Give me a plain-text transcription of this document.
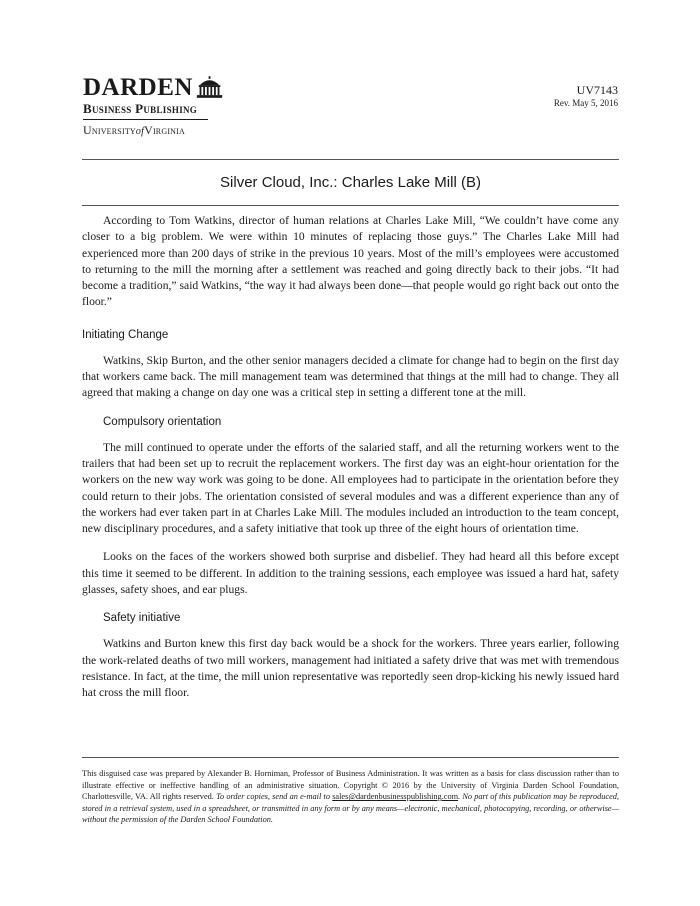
DARDEN
Business Publishing
UniversityofVirginia
UV7143
Rev. May 5, 2016
Silver Cloud, Inc.: Charles Lake Mill (B)

According to Tom Watkins, director of human relations at Charles Lake Mill, “We couldn’t have come any closer to a big problem. We were within 10 minutes of replacing those guys.” The Charles Lake Mill had experienced more than 200 days of strike in the previous 10 years. Most of the mill’s employees were accustomed to returning to the mill the morning after a settlement was reached and going directly back to their jobs. “It had become a tradition,” said Watkins, “the way it had always been done—that people would go right back out onto the floor.”

Initiating Change

Watkins, Skip Burton, and the other senior managers decided a climate for change had to begin on the first day that workers came back. The mill management team was determined that things at the mill had to change. They all agreed that making a change on day one was a critical step in setting a different tone at the mill.

Compulsory orientation

The mill continued to operate under the efforts of the salaried staff, and all the returning workers went to the trailers that had been set up to recruit the replacement workers. The first day was an eight-hour orientation for the workers on the new way work was going to be done. All employees had to participate in the orientation before they could return to their jobs. The orientation consisted of several modules and was a different experience than any of the workers had ever taken part in at Charles Lake Mill. The modules included an introduction to the team concept, new disciplinary procedures, and a safety initiative that took up three of the eight hours of orientation time.

Looks on the faces of the workers showed both surprise and disbelief. They had heard all this before except this time it seemed to be different. In addition to the training sessions, each employee was issued a hard hat, safety glasses, safety shoes, and ear plugs.

Safety initiative

Watkins and Burton knew this first day back would be a shock for the workers. Three years earlier, following the work-related deaths of two mill workers, management had initiated a safety drive that was met with tremendous resistance. In fact, at the time, the mill union representative was reportedly seen drop-kicking his newly issued hard hat cross the mill floor.

This disguised case was prepared by Alexander B. Horniman, Professor of Business Administration. It was written as a basis for class discussion rather than to illustrate effective or ineffective handling of an administrative situation. Copyright © 2016 by the University of Virginia Darden School Foundation, Charlottesville, VA. All rights reserved. To order copies, send an e-mail to sales@dardenbusinesspublishing.com. No part of this publication may be reproduced, stored in a retrieval system, used in a spreadsheet, or transmitted in any form or by any means—electronic, mechanical, photocopying, recording, or otherwise—without the permission of the Darden School Foundation.
